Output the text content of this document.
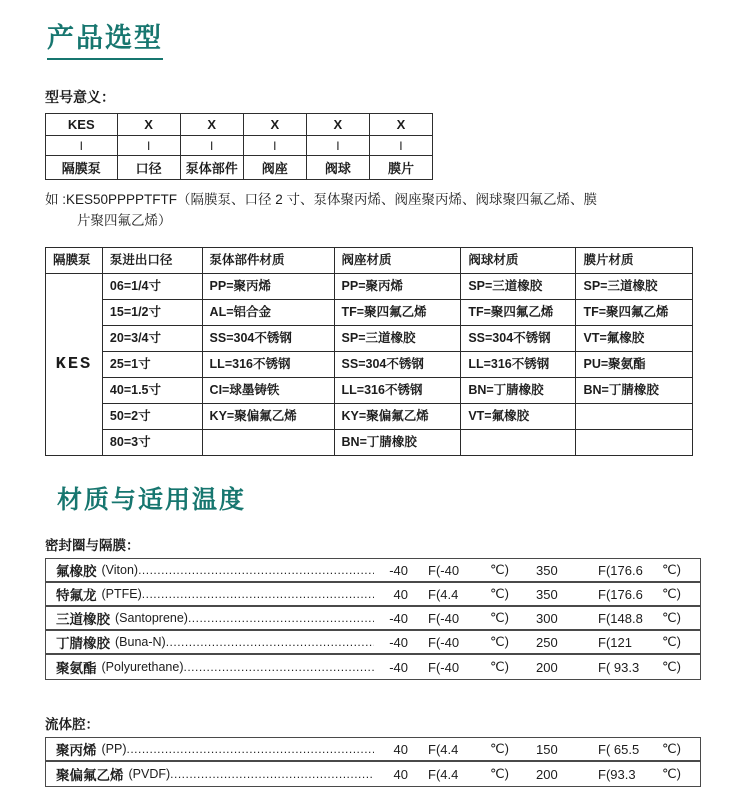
产品选型
型号意义：
KES	X	X	X	X	X
I	I	I	I	I	I
隔膜泵	口径	泵体部件	阀座	阀球	膜片
如 :KES50PPPPTFTF（隔膜泵、口径 2 寸、泵体聚丙烯、阀座聚丙烯、阀球聚四氟乙烯、膜
片聚四氟乙烯）
隔膜泵	泵进出口径	泵体部件材质	阀座材质	阀球材质	膜片材质
KES	06=1/4寸	PP=聚丙烯	PP=聚丙烯	SP=三道橡胶	SP=三道橡胶
	15=1/2寸	AL=铝合金	TF=聚四氟乙烯	TF=聚四氟乙烯	TF=聚四氟乙烯
	20=3/4寸	SS=304不锈钢	SP=三道橡胶	SS=304不锈钢	VT=氟橡胶
	25=1寸	LL=316不锈钢	SS=304不锈钢	LL=316不锈钢	PU=聚氨酯
	40=1.5寸	CI=球墨铸铁	LL=316不锈钢	BN=丁腈橡胶	BN=丁腈橡胶
	50=2寸	KY=聚偏氟乙烯	KY=聚偏氟乙烯	VT=氟橡胶	
	80=3寸		BN=丁腈橡胶		
材质与适用温度
密封圈与隔膜：
氟橡胶 (Viton) .....	-40 F(-40	℃)	350	F(176.6	℃)
特氟龙 (PTFE) .....	40 F(4.4	℃)	350	F(176.6	℃)
三道橡胶 (Santoprene) .....	-40 F(-40	℃)	300	F(148.8	℃)
丁腈橡胶 (Buna-N) .....	-40 F(-40	℃)	250	F(121	℃)
聚氨酯 (Polyurethane) .....	-40 F(-40	℃)	200	F( 93.3	℃)
流体腔：
聚丙烯 (PP) .....	40 F(4.4	℃)	150	F( 65.5	℃)
聚偏氟乙烯 (PVDF) .....	40 F(4.4	℃)	200	F(93.3	℃)
